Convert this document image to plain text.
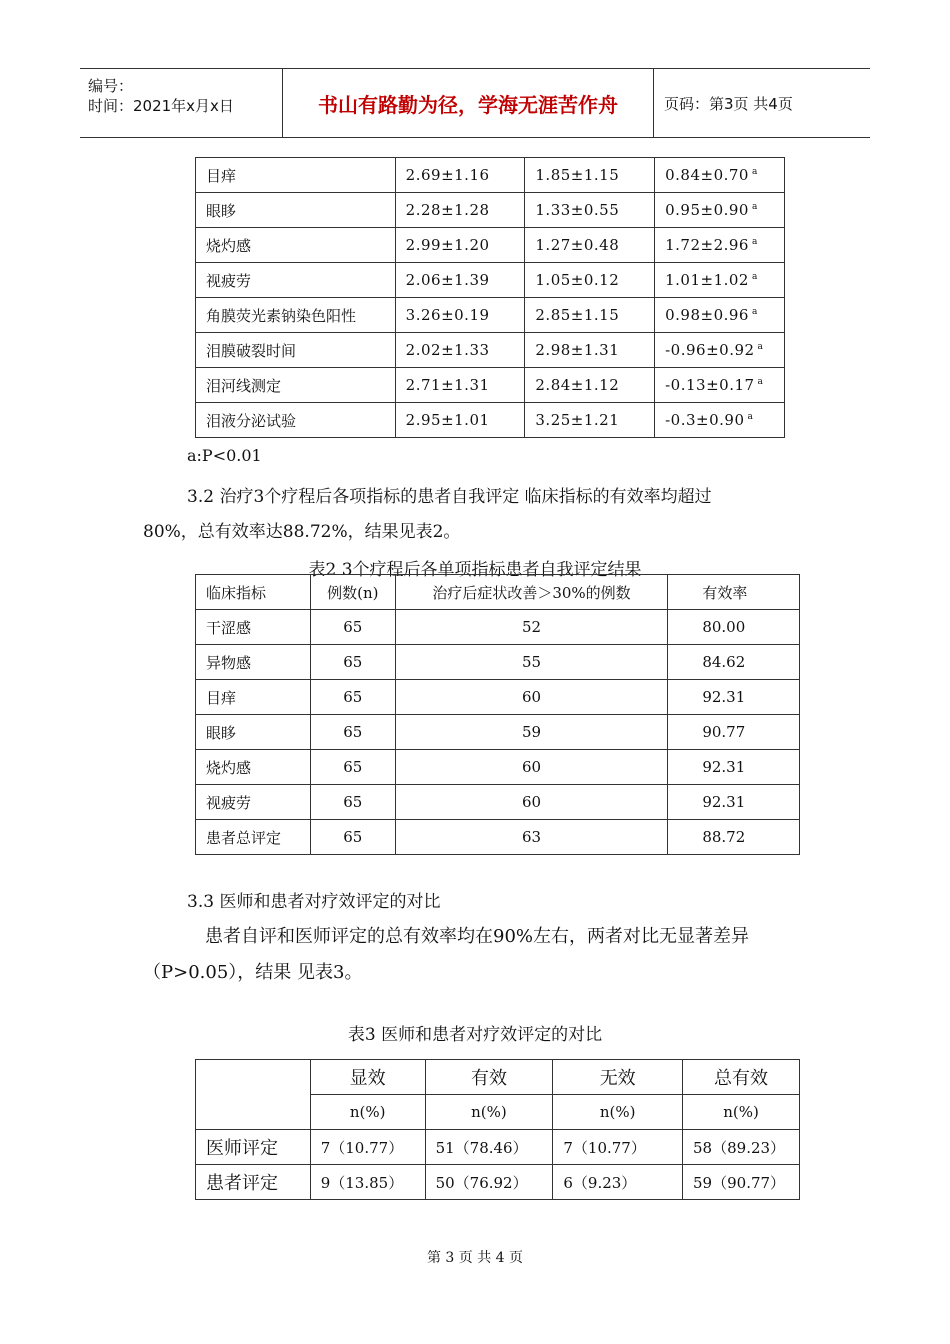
编号：
时间：2021年x月x日	书山有路勤为径，学海无涯苦作舟	页码：第3页 共4页
目痒	2.69±1.16	1.85±1.15	0.84±0.70 $^a$
眼眵	2.28±1.28	1.33±0.55	0.95±0.90 $^a$
烧灼感	2.99±1.20	1.27±0.48	1.72±2.96 $^a$
视疲劳	2.06±1.39	1.05±0.12	1.01±1.02 $^a$
角膜荧光素钠染色阳性	3.26±0.19	2.85±1.15	0.98±0.96 $^a$
泪膜破裂时间	2.02±1.33	2.98±1.31	-0.96±0.92 $^a$
泪河线测定	2.71±1.31	2.84±1.12	-0.13±0.17 $^a$
泪液分泌试验	2.95±1.01	3.25±1.21	-0.3±0.90 $^a$
a:P<0.01
3.2 治疗3个疗程后各项指标的患者自我评定 临床指标的有效率均超过
80%，总有效率达88.72%，结果见表2。
表2 3个疗程后各单项指标患者自我评定结果
临床指标	例数(n)	治疗后症状改善＞30%的例数	有效率
干涩感	65	52	80.00
异物感	65	55	84.62
目痒	65	60	92.31
眼眵	65	59	90.77
烧灼感	65	60	92.31
视疲劳	65	60	92.31
患者总评定	65	63	88.72
3.3 医师和患者对疗效评定的对比
患者自评和医师评定的总有效率均在90%左右，两者对比无显著差异
（P>0.05），结果 见表3。
表3 医师和患者对疗效评定的对比
	显效	有效	无效	总有效
	n(%)	n(%)	n(%)	n(%)
医师评定	7（10.77）	51（78.46）	7（10.77）	58（89.23）
患者评定	9（13.85）	50（76.92）	6（9.23）	59（90.77）
第 3 页 共 4 页
